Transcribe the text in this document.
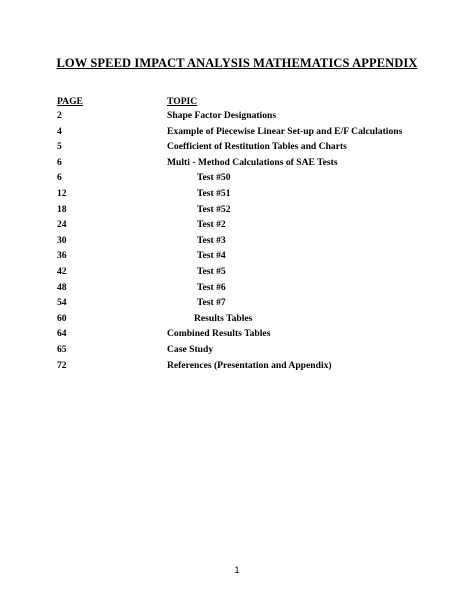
LOW SPEED IMPACT ANALYSIS MATHEMATICS APPENDIX
PAGE	TOPIC
2	Shape Factor Designations
4	Example of Piecewise Linear Set-up and E/F Calculations
5	Coefficient of Restitution Tables and Charts
6	Multi - Method Calculations of SAE Tests
6	Test #50
12	Test #51
18	Test #52
24	Test #2
30	Test #3
36	Test #4
42	Test #5
48	Test #6
54	Test #7
60	Results Tables
64	Combined Results Tables
65	Case Study
72	References (Presentation and Appendix)
1
